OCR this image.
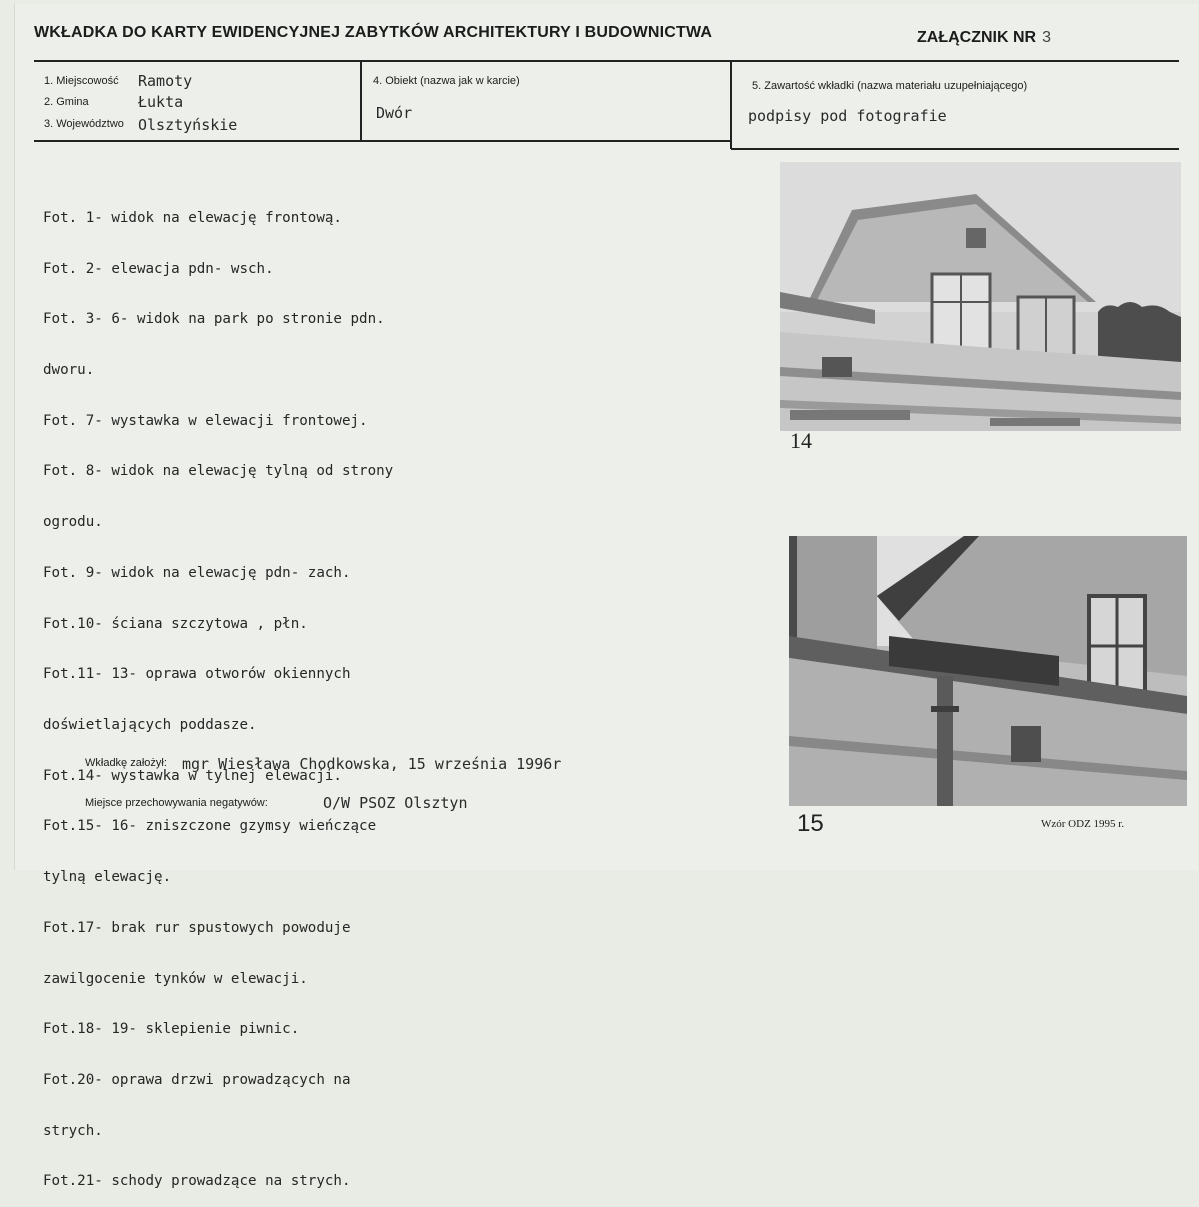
WKŁADKA DO KARTY EWIDENCYJNEJ ZABYTKÓW ARCHITEKTURY I BUDOWNICTWA	ZAŁĄCZNIK NR 3
1. Miejscowość Ramoty
2. Gmina	Łukta
3. Województwo Olsztyńskie
4. Obiekt (nazwa jak w karcie)
Dwór
5. Zawartość wkładki (nazwa materiału uzupełniającego)
podpisy pod fotografie

Fot. 1- widok na elewację frontową.

Fot. 2- elewacja pdn- wsch.

Fot. 3- 6- widok na park po stronie pdn.

dworu.

Fot. 7- wystawka w elewacji frontowej.

Fot. 8- widok na elewację tylną od strony

ogrodu.

Fot. 9- widok na elewację pdn- zach.

Fot.10- ściana szczytowa , płn.

Fot.11- 13- oprawa otworów okiennych

doświetlających poddasze.

Fot.14- wystawka w tylnej elewacji.

Fot.15- 16- zniszczone gzymsy wieńczące

tylną elewację.

Fot.17- brak rur spustowych powoduje

zawilgocenie tynków w elewacji.

Fot.18- 19- sklepienie piwnic.

Fot.20- oprawa drzwi prowadzących na

strych.

Fot.21- schody prowadzące na strych.

14
15
Wkładkę założył: mgr Wiesława Chodkowska, 15 września 1996r
Miejsce przechowywania negatywów:	O/W PSOZ Olsztyn
Wzór ODZ 1995 r.
